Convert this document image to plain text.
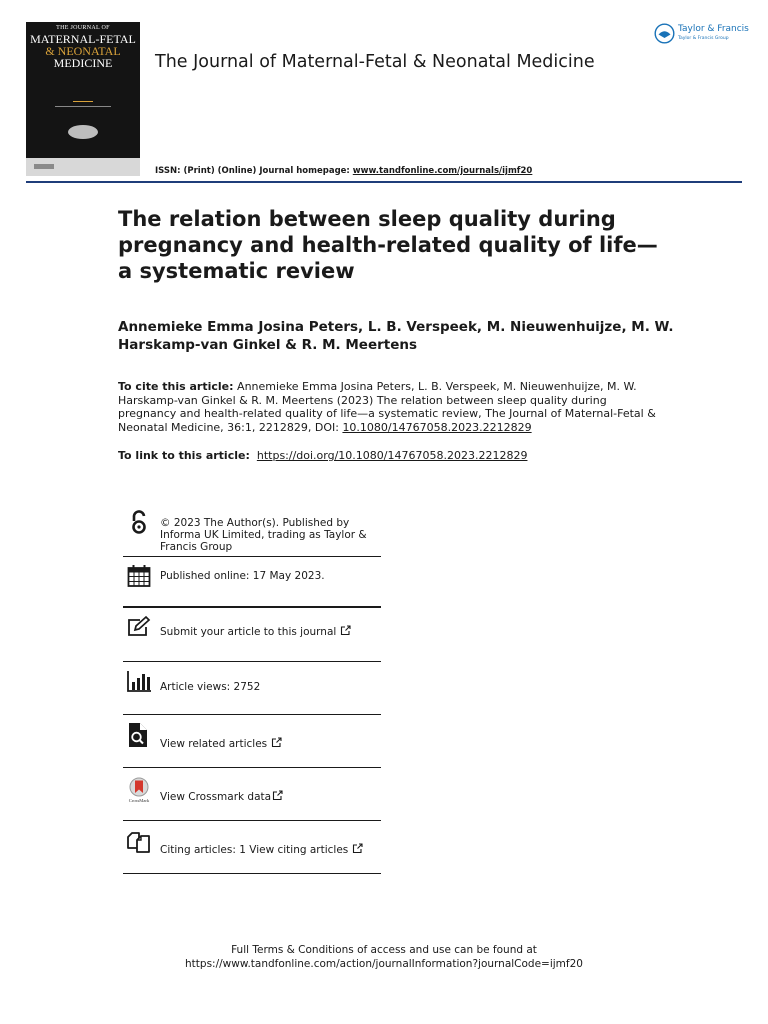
THE JOURNAL OF
MATERNAL-FETAL
& NEONATAL
MEDICINE
	The Journal of Maternal-Fetal & Neonatal Medicine
Taylor & Francis
Taylor & Francis Group
ISSN: (Print) (Online) Journal homepage: www.tandfonline.com/journals/ijmf20
The relation between sleep quality during pregnancy and health-related quality of life—a systematic review

Annemieke Emma Josina Peters, L. B. Verspeek, M. Nieuwenhuijze, M. W. Harskamp-van Ginkel & R. M. Meertens

To cite this article: Annemieke Emma Josina Peters, L. B. Verspeek, M. Nieuwenhuijze, M. W. Harskamp-van Ginkel & R. M. Meertens (2023) The relation between sleep quality during pregnancy and health-related quality of life—a systematic review, The Journal of Maternal-Fetal & Neonatal Medicine, 36:1, 2212829, DOI: 10.1080/14767058.2023.2212829

To link to this article: https://doi.org/10.1080/14767058.2023.2212829
© 2023 The Author(s). Published by Informa UK Limited, trading as Taylor & Francis Group
Published online: 17 May 2023.
Submit your article to this journal
Article views: 2752
View related articles
CrossMark View Crossmark data
Citing articles: 1 View citing articles
Full Terms & Conditions of access and use can be found at
https://www.tandfonline.com/action/journalInformation?journalCode=ijmf20
